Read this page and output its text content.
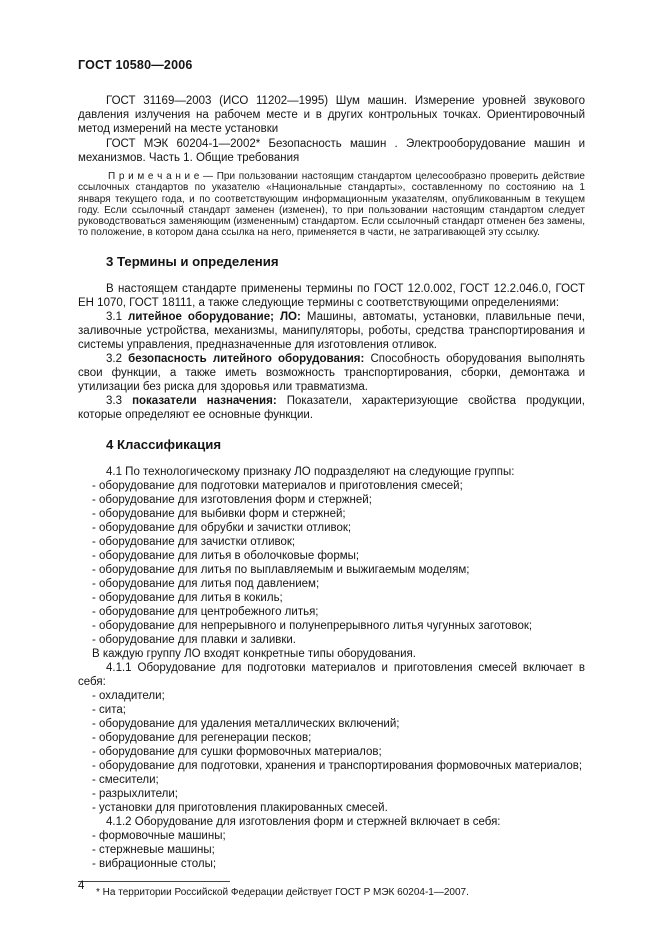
ГОСТ 10580—2006

ГОСТ 31169—2003 (ИСО 11202—1995) Шум машин. Измерение уровней звукового давления излучения на рабочем месте и в других контрольных точках. Ориентировочный метод измерений на месте установки

ГОСТ МЭК 60204-1—2002* Безопасность машин . Электрооборудование машин и механизмов. Часть 1. Общие требования

П р и м е ч а н и е — При пользовании настоящим стандартом целесообразно проверить действие ссылочных стандартов по указателю «Национальные стандарты», составленному по состоянию на 1 января текущего года, и по соответствующим информационным указателям, опубликованным в текущем году. Если ссылочный стандарт заменен (изменен), то при пользовании настоящим стандартом следует руководствоваться заменяющим (измененным) стандартом. Если ссылочный стандарт отменен без замены, то положение, в котором дана ссылка на него, применяется в части, не затрагивающей эту ссылку.

3 Термины и определения

В настоящем стандарте применены термины по ГОСТ 12.0.002, ГОСТ 12.2.046.0, ГОСТ ЕН 1070, ГОСТ 18111, а также следующие термины с соответствующими определениями:

3.1 литейное оборудование; ЛО: Машины, автоматы, установки, плавильные печи, заливочные устройства, механизмы, манипуляторы, роботы, средства транспортирования и системы управления, предназначенные для изготовления отливок.

3.2 безопасность литейного оборудования: Способность оборудования выполнять свои функции, а также иметь возможность транспортирования, сборки, демонтажа и утилизации без риска для здоровья или травматизма.

3.3 показатели назначения: Показатели, характеризующие свойства продукции, которые определяют ее основные функции.

4 Классификация

4.1 По технологическому признаку ЛО подразделяют на следующие группы:

- оборудование для подготовки материалов и приготовления смесей;

- оборудование для изготовления форм и стержней;

- оборудование для выбивки форм и стержней;

- оборудование для обрубки и зачистки отливок;

- оборудование для зачистки отливок;

- оборудование для литья в оболочковые формы;

- оборудование для литья по выплавляемым и выжигаемым моделям;

- оборудование для литья под давлением;

- оборудование для литья в кокиль;

- оборудование для центробежного литья;

- оборудование для непрерывного и полунепрерывного литья чугунных заготовок;

- оборудование для плавки и заливки.

В каждую группу ЛО входят конкретные типы оборудования.

4.1.1 Оборудование для подготовки материалов и приготовления смесей включает в себя:

- охладители;

- сита;

- оборудование для удаления металлических включений;

- оборудование для регенерации песков;

- оборудование для сушки формовочных материалов;

- оборудование для подготовки, хранения и транспортирования формовочных материалов;

- смесители;

- разрыхлители;

- установки для приготовления плакированных смесей.

4.1.2 Оборудование для изготовления форм и стержней включает в себя:

- формовочные машины;

- стержневые машины;

- вибрационные столы;

* На территории Российской Федерации действует ГОСТ Р МЭК 60204-1—2007.

4
